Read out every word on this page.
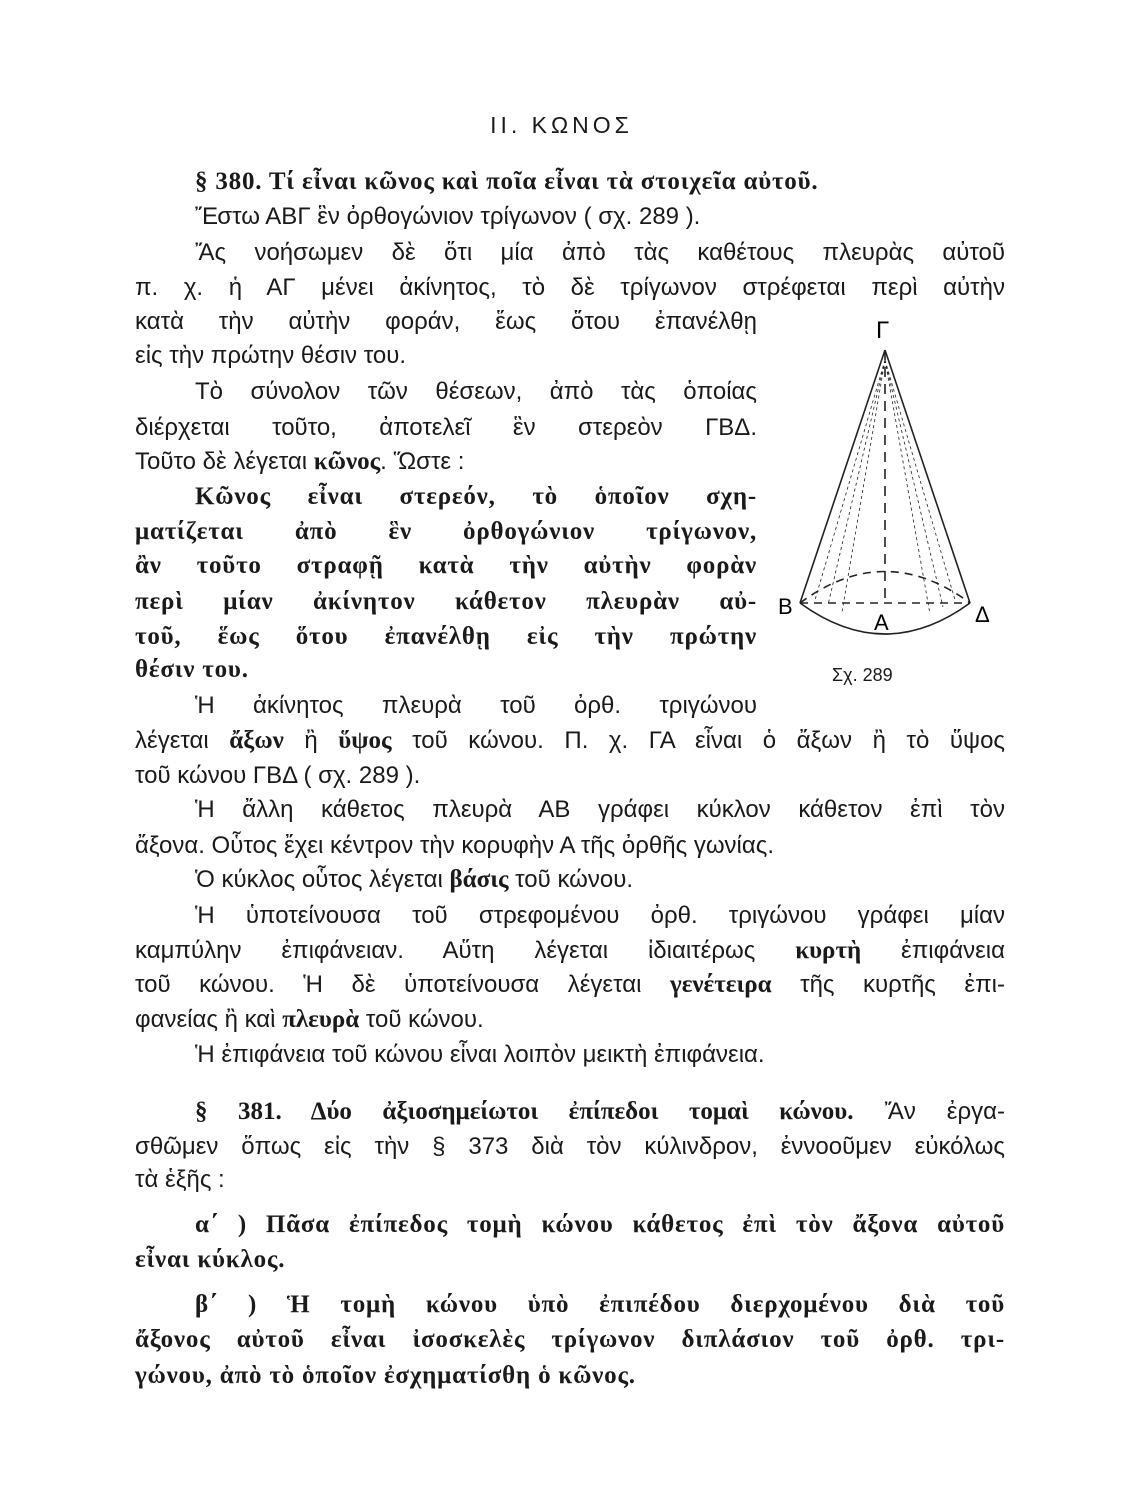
II. ΚΩΝΟΣ
§ 380. Τί εἶναι κῶνος καὶ ποῖα εἶναι τὰ στοιχεῖα αὐτοῦ.
Ἔστω ΑΒΓ ἓν ὀρθογώνιον τρίγωνον ( σχ. 289 ).
Ἄς νοήσωμεν δὲ ὅτι μία ἀπὸ τὰς καθέτους πλευρὰς αὐτοῦ
π. χ. ἡ ΑΓ μένει ἀκίνητος, τὸ δὲ τρίγωνον στρέφεται περὶ αὐτὴν
κατὰ τὴν αὐτὴν φοράν, ἕως ὅτου ἐπανέλθῃ
εἰς τὴν πρώτην θέσιν του.
Τὸ σύνολον τῶν θέσεων, ἀπὸ τὰς ὁποίας
διέρχεται τοῦτο, ἀποτελεῖ ἓν στερεὸν ΓΒΔ.
Τοῦτο δὲ λέγεται κῶνος. Ὥστε :
Κῶνος εἶναι στερεόν, τὸ ὁποῖον σχη-
ματίζεται ἀπὸ ἓν ὀρθογώνιον τρίγωνον,
ἂν τοῦτο στραφῇ κατὰ τὴν αὐτὴν φορὰν
περὶ μίαν ἀκίνητον κάθετον πλευρὰν αὐ-
τοῦ, ἕως ὅτου ἐπανέλθῃ εἰς τὴν πρώτην
θέσιν του.
Ἡ ἀκίνητος πλευρὰ τοῦ ὀρθ. τριγώνου
λέγεται ἄξων ἢ ὕψος τοῦ κώνου. Π. χ. ΓΑ εἶναι ὁ ἄξων ἢ τὸ ὕψος
τοῦ κώνου ΓΒΔ ( σχ. 289 ).
Ἡ ἄλλη κάθετος πλευρὰ ΑΒ γράφει κύκλον κάθετον ἐπὶ τὸν
ἄξονα. Οὗτος ἔχει κέντρον τὴν κορυφὴν Α τῆς ὀρθῆς γωνίας.
Ὁ κύκλος οὗτος λέγεται βάσις τοῦ κώνου.
Ἡ ὑποτείνουσα τοῦ στρεφομένου ὀρθ. τριγώνου γράφει μίαν
καμπύλην ἐπιφάνειαν. Αὕτη λέγεται ἰδιαιτέρως κυρτὴ ἐπιφάνεια
τοῦ κώνου. Ἡ δὲ ὑποτείνουσα λέγεται γενέτειρα τῆς κυρτῆς ἐπι-
φανείας ἢ καὶ πλευρὰ τοῦ κώνου.
Ἡ ἐπιφάνεια τοῦ κώνου εἶναι λοιπὸν μεικτὴ ἐπιφάνεια.
§ 381. Δύο ἀξιοσημείωτοι ἐπίπεδοι τομαὶ κώνου. Ἄν ἐργα-
σθῶμεν ὅπως εἰς τὴν § 373 διὰ τὸν κύλινδρον, ἐννοοῦμεν εὐκόλως
τὰ ἑξῆς :
α΄ ) Πᾶσα ἐπίπεδος τομὴ κώνου κάθετος ἐπὶ τὸν ἄξονα αὐτοῦ
εἶναι κύκλος.
β΄ ) Ἡ τομὴ κώνου ὑπὸ ἐπιπέδου διερχομένου διὰ τοῦ
ἄξονος αὐτοῦ εἶναι ἰσοσκελὲς τρίγωνον διπλάσιον τοῦ ὀρθ. τρι-
γώνου, ἀπὸ τὸ ὁποῖον ἐσχηματίσθη ὁ κῶνος.
Γ
Β
Α	Δ
Σχ. 289
